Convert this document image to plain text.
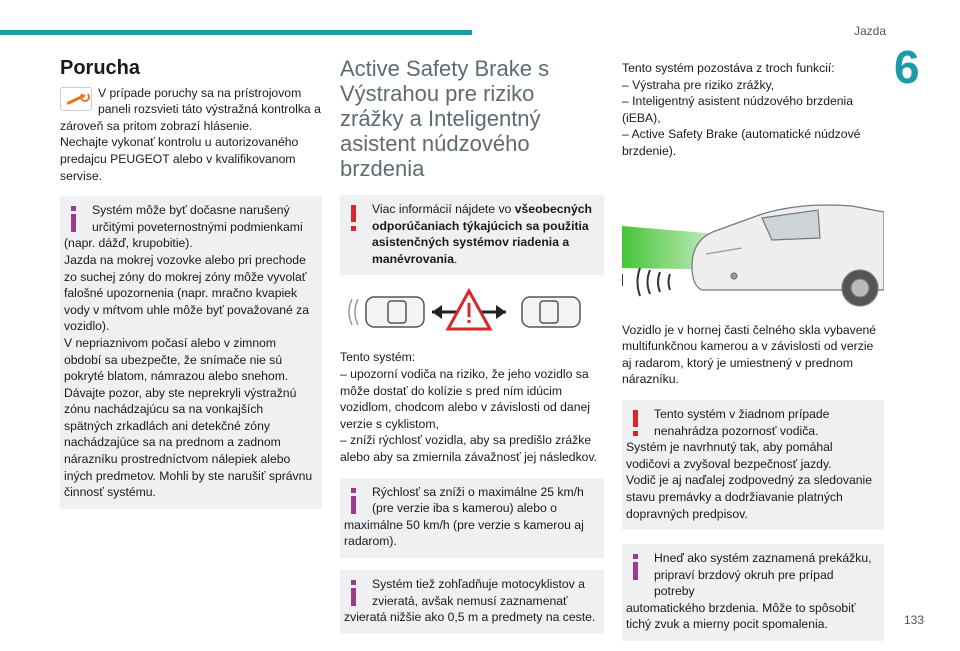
Jazda
6
Porucha

V prípade poruchy sa na prístrojovom paneli rozsvieti táto výstražná kontrolka a zároveň sa pritom zobrazí hlásenie.

Nechajte vykonať kontrolu u autorizovaného predajcu PEUGEOT alebo v kvalifikovanom servise.

Systém môže byť dočasne narušený určitými poveternostnými podmienkami

(napr. dážď, krupobitie).

Jazda na mokrej vozovke alebo pri prechode zo suchej zóny do mokrej zóny môže vyvolať falošné upozornenia (napr. mračno kvapiek vody v mŕtvom uhle môže byť považované za vozidlo).

V nepriaznivom počasí alebo v zimnom období sa ubezpečte, že snímače nie sú pokryté blatom, námrazou alebo snehom.

Dávajte pozor, aby ste neprekryli výstražnú zónu nachádzajúcu sa na vonkajších spätných zrkadlách ani detekčné zóny nachádzajúce sa na prednom a zadnom nárazníku prostredníctvom nálepiek alebo iných predmetov. Mohli by ste narušiť správnu činnosť systému.

Active Safety Brake s Výstrahou pre riziko zrážky a Inteligentný asistent núdzového brzdenia

Viac informácií nájdete vo všeobecných odporúčaniach týkajúcich sa použitia asistenčných systémov riadenia a manévrovania.

Tento systém:

– upozorní vodiča na riziko, že jeho vozidlo sa môže dostať do kolízie s pred ním idúcim vozidlom, chodcom alebo v závislosti od danej verzie s cyklistom,

– zníži rýchlosť vozidla, aby sa predišlo zrážke alebo aby sa zmiernila závažnosť jej následkov.

Rýchlosť sa zníži o maximálne 25 km/h (pre verzie iba s kamerou) alebo o

maximálne 50 km/h (pre verzie s kamerou aj radarom).

Systém tiež zohľadňuje motocyklistov a zvieratá, avšak nemusí zaznamenať

zvieratá nižšie ako 0,5 m a predmety na ceste.

Tento systém pozostáva z troch funkcií:

– Výstraha pre riziko zrážky,

– Inteligentný asistent núdzového brzdenia (iEBA),

– Active Safety Brake (automatické núdzové brzdenie).

Vozidlo je v hornej časti čelného skla vybavené multifunkčnou kamerou a v závislosti od verzie aj radarom, ktorý je umiestnený v prednom nárazníku.

Tento systém v žiadnom prípade nenahrádza pozornosť vodiča.

Systém je navrhnutý tak, aby pomáhal vodičovi a zvyšoval bezpečnosť jazdy.

Vodič je aj naďalej zodpovedný za sledovanie stavu premávky a dodržiavanie platných dopravných predpisov.

Hneď ako systém zaznamená prekážku, pripraví brzdový okruh pre prípad potreby

automatického brzdenia. Môže to spôsobiť tichý zvuk a mierny pocit spomalenia.	133
